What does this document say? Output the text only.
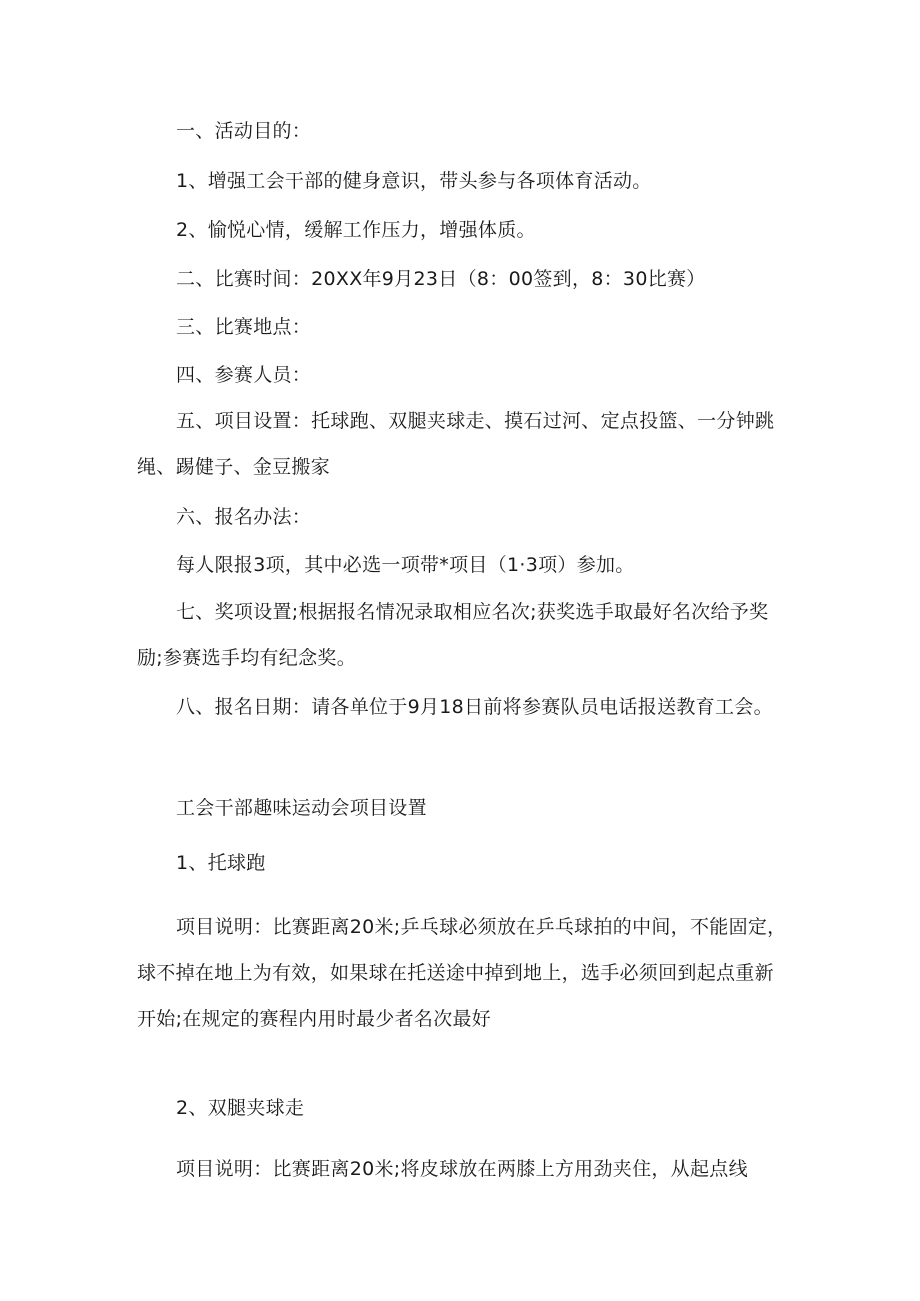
一、活动目的：

1、增强工会干部的健身意识，带头参与各项体育活动。

2、愉悦心情，缓解工作压力，增强体质。

二、比赛时间：20XX年9月23日（8：00签到，8：30比赛）

三、比赛地点：

四、参赛人员：

五、项目设置：托球跑、双腿夹球走、摸石过河、定点投篮、一分钟跳绳、踢健子、金豆搬家

六、报名办法：

每人限报3项，其中必选一项带*项目（1·3项）参加。

七、奖项设置;根据报名情况录取相应名次;获奖选手取最好名次给予奖励;参赛选手均有纪念奖。

八、报名日期：请各单位于9月18日前将参赛队员电话报送教育工会。

工会干部趣味运动会项目设置

1、托球跑

项目说明：比赛距离20米;乒乓球必须放在乒乓球拍的中间，不能固定，球不掉在地上为有效，如果球在托送途中掉到地上，选手必须回到起点重新开始;在规定的赛程内用时最少者名次最好

2、双腿夹球走

项目说明：比赛距离20米;将皮球放在两膝上方用劲夹住，从起点线
